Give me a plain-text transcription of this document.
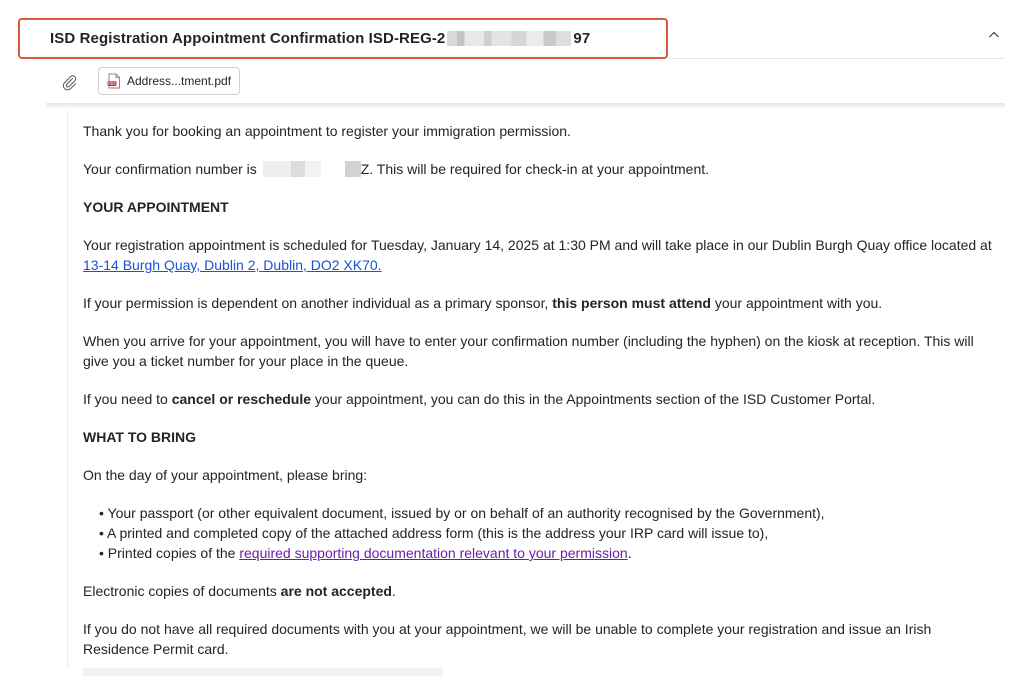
ISD Registration Appointment Confirmation ISD-REG-2	97
PDF Address...tment.pdf

Thank you for booking an appointment to register your immigration permission.

Your confirmation number is	Z. This will be required for check-in at your appointment.

YOUR APPOINTMENT

Your registration appointment is scheduled for Tuesday, January 14, 2025 at 1:30 PM and will take place in our Dublin Burgh Quay office located at 13-14 Burgh Quay, Dublin 2, Dublin, DO2 XK70.

If your permission is dependent on another individual as a primary sponsor, this person must attend your appointment with you.

When you arrive for your appointment, you will have to enter your confirmation number (including the hyphen) on the kiosk at reception. This will give you a ticket number for your place in the queue.

If you need to cancel or reschedule your appointment, you can do this in the Appointments section of the ISD Customer Portal.

WHAT TO BRING

On the day of your appointment, please bring:

• Your passport (or other equivalent document, issued by or on behalf of an authority recognised by the Government),
• A printed and completed copy of the attached address form (this is the address your IRP card will issue to),
• Printed copies of the required supporting documentation relevant to your permission.

Electronic copies of documents are not accepted.

If you do not have all required documents with you at your appointment, we will be unable to complete your registration and issue an Irish Residence Permit card.
